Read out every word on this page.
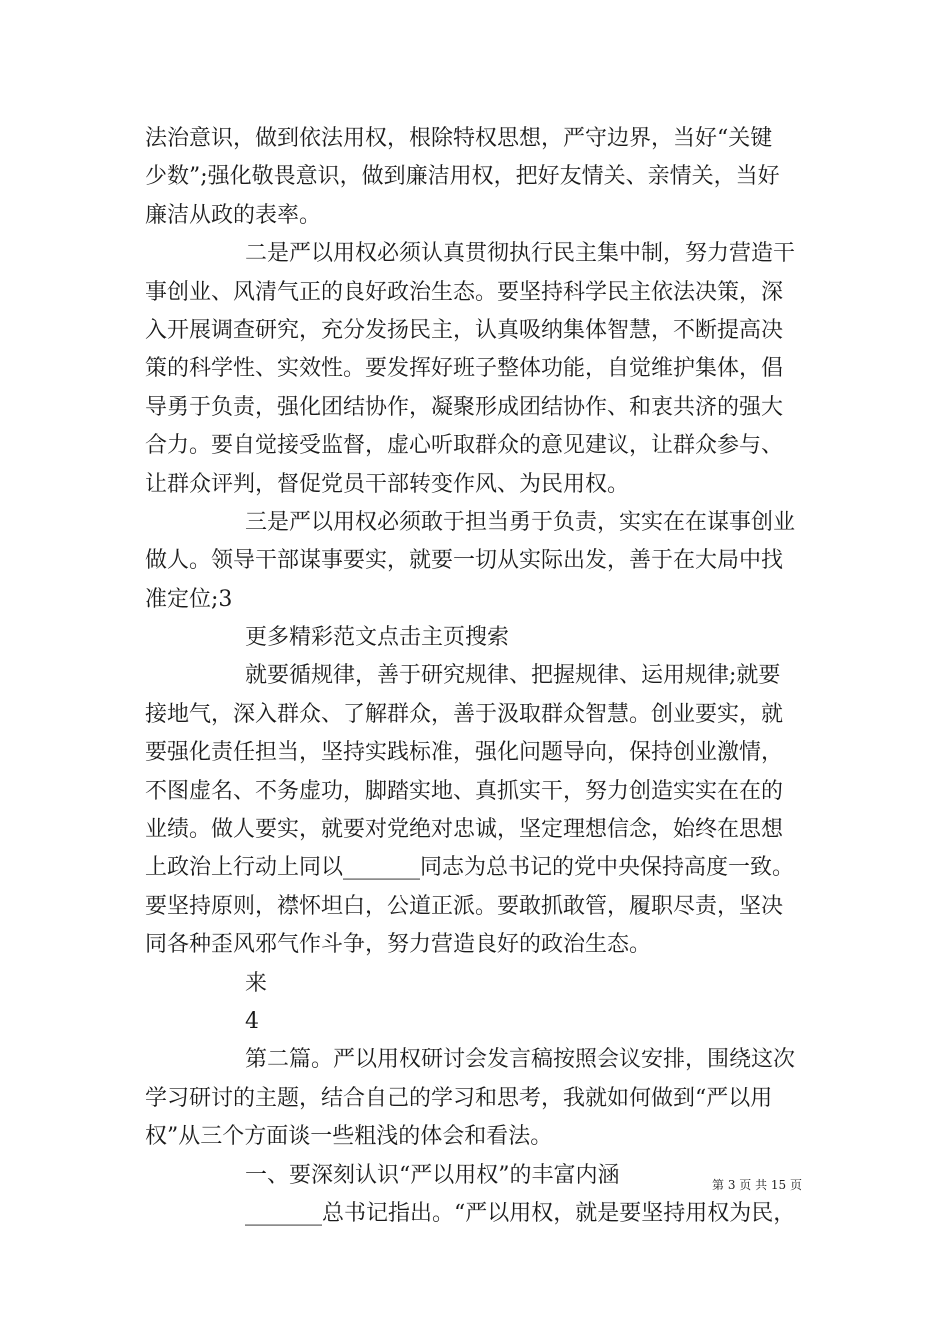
法治意识，做到依法用权，根除特权思想，严守边界，当好“关键
少数”;强化敬畏意识，做到廉洁用权，把好友情关、亲情关，当好
廉洁从政的表率。
二是严以用权必须认真贯彻执行民主集中制，努力营造干
事创业、风清气正的良好政治生态。要坚持科学民主依法决策，深
入开展调查研究，充分发扬民主，认真吸纳集体智慧，不断提高决
策的科学性、实效性。要发挥好班子整体功能，自觉维护集体，倡
导勇于负责，强化团结协作，凝聚形成团结协作、和衷共济的强大
合力。要自觉接受监督，虚心听取群众的意见建议，让群众参与、
让群众评判，督促党员干部转变作风、为民用权。
三是严以用权必须敢于担当勇于负责，实实在在谋事创业
做人。领导干部谋事要实，就要一切从实际出发，善于在大局中找
准定位;3
更多精彩范文点击主页搜索
就要循规律，善于研究规律、把握规律、运用规律;就要
接地气，深入群众、了解群众，善于汲取群众智慧。创业要实，就
要强化责任担当，坚持实践标准，强化问题导向，保持创业激情，
不图虚名、不务虚功，脚踏实地、真抓实干，努力创造实实在在的
业绩。做人要实，就要对党绝对忠诚，坚定理想信念，始终在思想
上政治上行动上同以_______同志为总书记的党中央保持高度一致。
要坚持原则，襟怀坦白，公道正派。要敢抓敢管，履职尽责，坚决
同各种歪风邪气作斗争，努力营造良好的政治生态。
来
4
第二篇。严以用权研讨会发言稿按照会议安排，围绕这次
学习研讨的主题，结合自己的学习和思考，我就如何做到“严以用
权”从三个方面谈一些粗浅的体会和看法。
一、要深刻认识“严以用权”的丰富内涵
_______总书记指出。“严以用权，就是要坚持用权为民，
第 3 页 共 15 页
